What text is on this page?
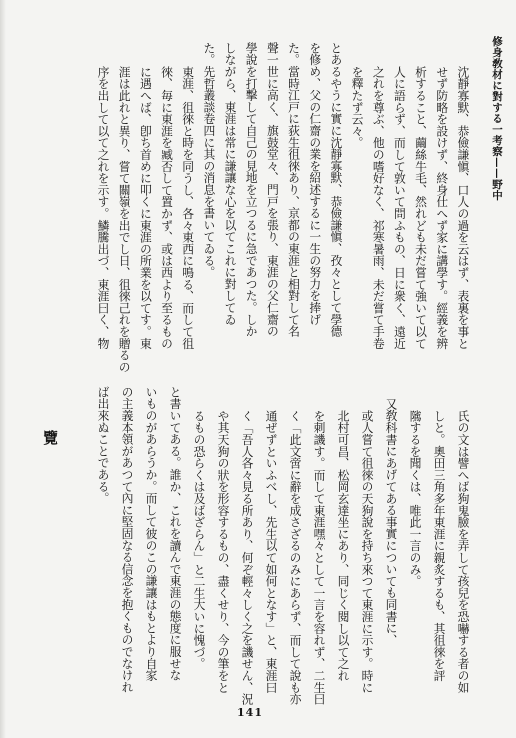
修身敎材に對する一考察——野中
沈靜寡默、恭儉謙愼、口人の過を云はず、表裏を事と
せず防略を設けず、終身仕へず家に講學す。經義を辨
析すること、繭絲牛毛、然れども未だ嘗て強いて以て
人に語らず、而して敦いて問ふもの、日に衆く、遠近
之れを尊ぶ、他の嗜好なく、祁寒暑雨、未だ嘗て手卷
を釋たず云々。
とあるやうに實に沈靜寡默、恭儉謙愼、孜々として學德
を修め、父の仁齋の業を紹述するに一生の努力を捧げ
た。當時江戸に荻生徂徠あり、京都の東涯と相對して名
聲一世に高く、旗鼓堂々、門戸を張り、東涯の父仁齋の
學說を打擊して自己の見地を立つるに急であつた。しか
しながら、東涯は常に謙讓な心を以てこれに對してゐ
た。先哲叢談卷四に其の消息を書いてゐる。
東涯、徂徠と時を同うし、各々東西に鳴る、而して徂
徠、毎に東涯を臧否して置かず、或は西より至るもの
に遇へば、卽ち首めに叩くに東涯の所業を以てす。東
涯は此れと異り、嘗て關嶺を出でし日、徂徠己れを贈るの
序を出して以て之れを示す。鱗騰出づ、東涯曰く、物
氏の文は譬へば狗鬼臉を弄して孩兒を恐嚇する者の如
しと。奧田三角多年東涯に親炙するも、其徂徠を評
隲するを聞くは、唯此一言のみ。
又敎科書にあげてある事實についても同書に、
或人嘗て徂徠の天狗說を持ち來つて東涯に示す。時に
北村可昌、松岡玄達坐にあり、同じく閱し以て之れ
を刺譏す。而して東涯嘿々として一言を容れず、二生曰
く「此文啻に辭を成さざるのみにあらず、而して說も亦
通ぜずといふべし、先生以て如何となす」と、東涯曰
く「吾人各々見る所あり、何ぞ輕々しく之を譏せん、況
や其天狗の狀を形容するもの、盡くせり、今の筆をと
るもの恐らくは及ばざらん」と二生大いに愧づ。
と書いてある。誰か、これを讀んで東涯の態度に服せな
いものがあらうか。而して彼のこの謙讓はもとより自家
の主義本領があつて內に堅固なる信念を抱くものでなけれ
ば出來ぬことである。
覽
141
